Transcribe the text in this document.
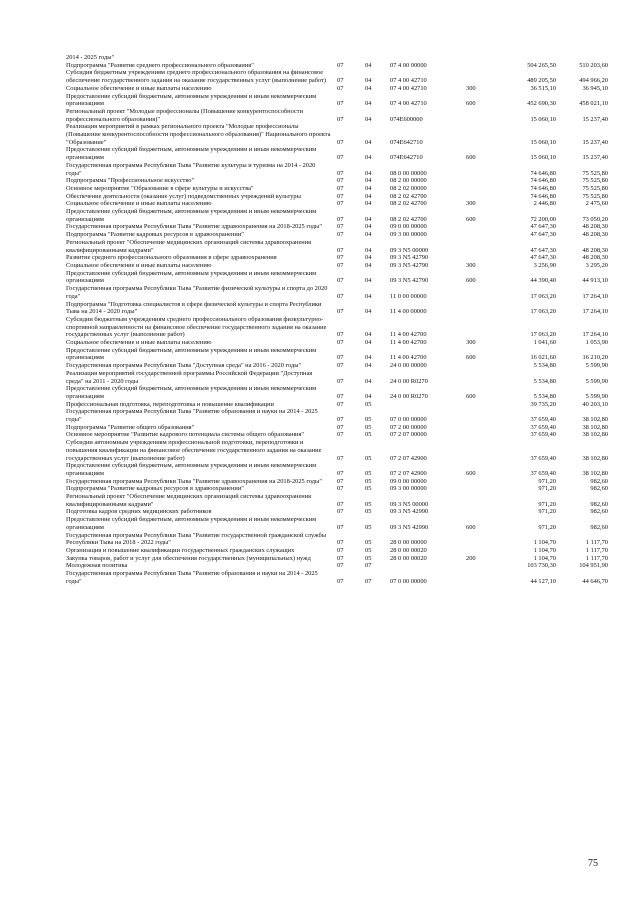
2014 - 2025 годы"						
Подпрограмма "Развитие среднего профессионального образования"	07	04	07 4 00 00000		504 265,50	510 203,60
Субсидия бюджетным учреждениям среднего профессионального образования на финансовое обеспечение государственного задания на оказание государственных услуг (выполнение работ)	07	04	07 4 00 42710		489 205,50	494 966,20
Социальное обеспечение и иные выплаты населению	07	04	07 4 00 42710	300	36 515,10	36 945,10
Предоставление субсидий бюджетным, автономным учреждениям и иным некоммерческим организациям	07	04	07 4 00 42710	600	452 690,30	458 021,10
Региональный проект "Молодые профессионалы (Повышение конкурентоспособности профессионального образования)"	07	04	074E600000		15 060,10	15 237,40
Реализация мероприятий в рамках регионального проекта "Молодые профессионалы (Повышение конкурентоспособности профессионального образования)" Национального проекта "Образование"	07	04	074E642710		15 060,10	15 237,40
Предоставление субсидий бюджетным, автономным учреждениям и иным некоммерческим организациям	07	04	074E642710	600	15 060,10	15 237,40
Государственная программа Республики Тыва "Развитие культуры и туризма на 2014 - 2020 годы"	07	04	08 0 00 00000		74 646,80	75 525,80
Подпрограмма "Профессиональное искусство"	07	04	08 2 00 00000		74 646,80	75 525,80
Основное мероприятие "Образование в сфере культуры и искусства"	07	04	08 2 02 00000		74 646,80	75 525,80
Обеспечение деятельности (оказание услуг) подведомственных учреждений культуры	07	04	08 2 02 42700		74 646,80	75 525,80
Социальное обеспечение и иные выплаты населению	07	04	08 2 02 42700	300	2 446,80	2 475,60
Предоставление субсидий бюджетным, автономным учреждениям и иным некоммерческим организациям	07	04	08 2 02 42700	600	72 200,00	73 050,20
Государственная программа Республики Тыва "Развитие здравоохранения на 2018-2025 годы"	07	04	09 0 00 00000		47 647,30	48 208,30
Подпрограмма "Развитие кадровых ресурсов в здравоохранении"	07	04	09 3 00 00000		47 647,30	48 208,30
Региональный проект "Обеспечение медицинских организаций системы здравоохранения квалифицированными кадрами"	07	04	09 3 N5 00000		47 647,30	48 208,30
Развитие среднего профессионального образования в сфере здравоохранения	07	04	09 3 N5 42790		47 647,30	48 208,30
Социальное обеспечение и иные выплаты населению	07	04	09 3 N5 42790	300	3 256,90	3 295,20
Предоставление субсидий бюджетным, автономным учреждениям и иным некоммерческим организациям	07	04	09 3 N5 42790	600	44 390,40	44 913,10
Государственная программа Республики Тыва "Развитие физической культуры и спорта до 2020 года"	07	04	11 0 00 00000		17 063,20	17 264,10
Подпрограмма "Подготовка специалистов в сфере физической культуры и спорта Республики Тыва на 2014 - 2020 годы"	07	04	11 4 00 00000		17 063,20	17 264,10
Субсидии бюджетным учреждениям среднего профессионального образования физкультурно-спортивной направленности на финансовое обеспечение государственного задания на оказание государственных услуг (выполнение работ)	07	04	11 4 00 42700		17 063,20	17 264,10
Социальное обеспечение и иные выплаты населению	07	04	11 4 00 42700	300	1 041,60	1 053,90
Предоставление субсидий бюджетным, автономным учреждениям и иным некоммерческим организациям	07	04	11 4 00 42700	600	16 021,60	16 210,20
Государственная программа Республики Тыва "Доступная среда" на 2016 - 2020 годы"	07	04	24 0 00 00000		5 534,80	5 599,90
Реализация мероприятий государственной программы Российской Федерации "Доступная среда" на 2011 - 2020 годы	07	04	24 0 00 R0270		5 534,80	5 599,90
Предоставление субсидий бюджетным, автономным учреждениям и иным некоммерческим организациям	07	04	24 0 00 R0270	600	5 534,80	5 599,90
Профессиональная подготовка, переподготовка и повышение квалификации	07	05			39 735,20	40 203,10
Государственная программа Республики Тыва "Развитие образования и науки на 2014 - 2025 годы"	07	05	07 0 00 00000		37 659,40	38 102,80
Подпрограмма "Развитие общего образования"	07	05	07 2 00 00000		37 659,40	38 102,80
Основное мероприятие "Развитие кадрового потенциала системы общего образования"	07	05	07 2 07 00000		37 659,40	38 102,80
Субсидии автономным учреждениям профессиональной подготовки, переподготовки и повышения квалификации на финансовое обеспечение государственного задания на оказание государственных услуг (выполнение работ)	07	05	07 2 07 42900		37 659,40	38 102,80
Предоставление субсидий бюджетным, автономным учреждениям и иным некоммерческим организациям	07	05	07 2 07 42900	600	37 659,40	38 102,80
Государственная программа Республики Тыва "Развитие здравоохранения на 2018-2025 годы"	07	05	09 0 00 00000		971,20	982,60
Подпрограмма "Развитие кадровых ресурсов в здравоохранении"	07	05	09 3 00 00000		971,20	982,60
Региональный проект "Обеспечение медицинских организаций системы здравоохранения квалифицированными кадрами"	07	05	09 3 N5 00000		971,20	982,60
Подготовка кадров средних медицинских работников	07	05	09 3 N5 42990		971,20	982,60
Предоставление субсидий бюджетным, автономным учреждениям и иным некоммерческим организациям	07	05	09 3 N5 42990	600	971,20	982,60
Государственная программа Республики Тыва "Развитие государственной гражданской службы Республики Тыва на 2018 - 2022 годы"	07	05	28 0 00 00000		1 104,70	1 117,70
Организация и повышение квалификации государственных гражданских служащих	07	05	28 0 00 00020		1 104,70	1 117,70
Закупка товаров, работ и услуг для обеспечения государственных (муниципальных) нужд	07	05	28 0 00 00020	200	1 104,70	1 117,70
Молодежная политика	07	07			103 730,30	104 951,90
Государственная программа Республики Тыва "Развитие образования и науки на 2014 - 2025 годы"	07	07	07 0 00 00000		44 127,10	44 646,70
75
